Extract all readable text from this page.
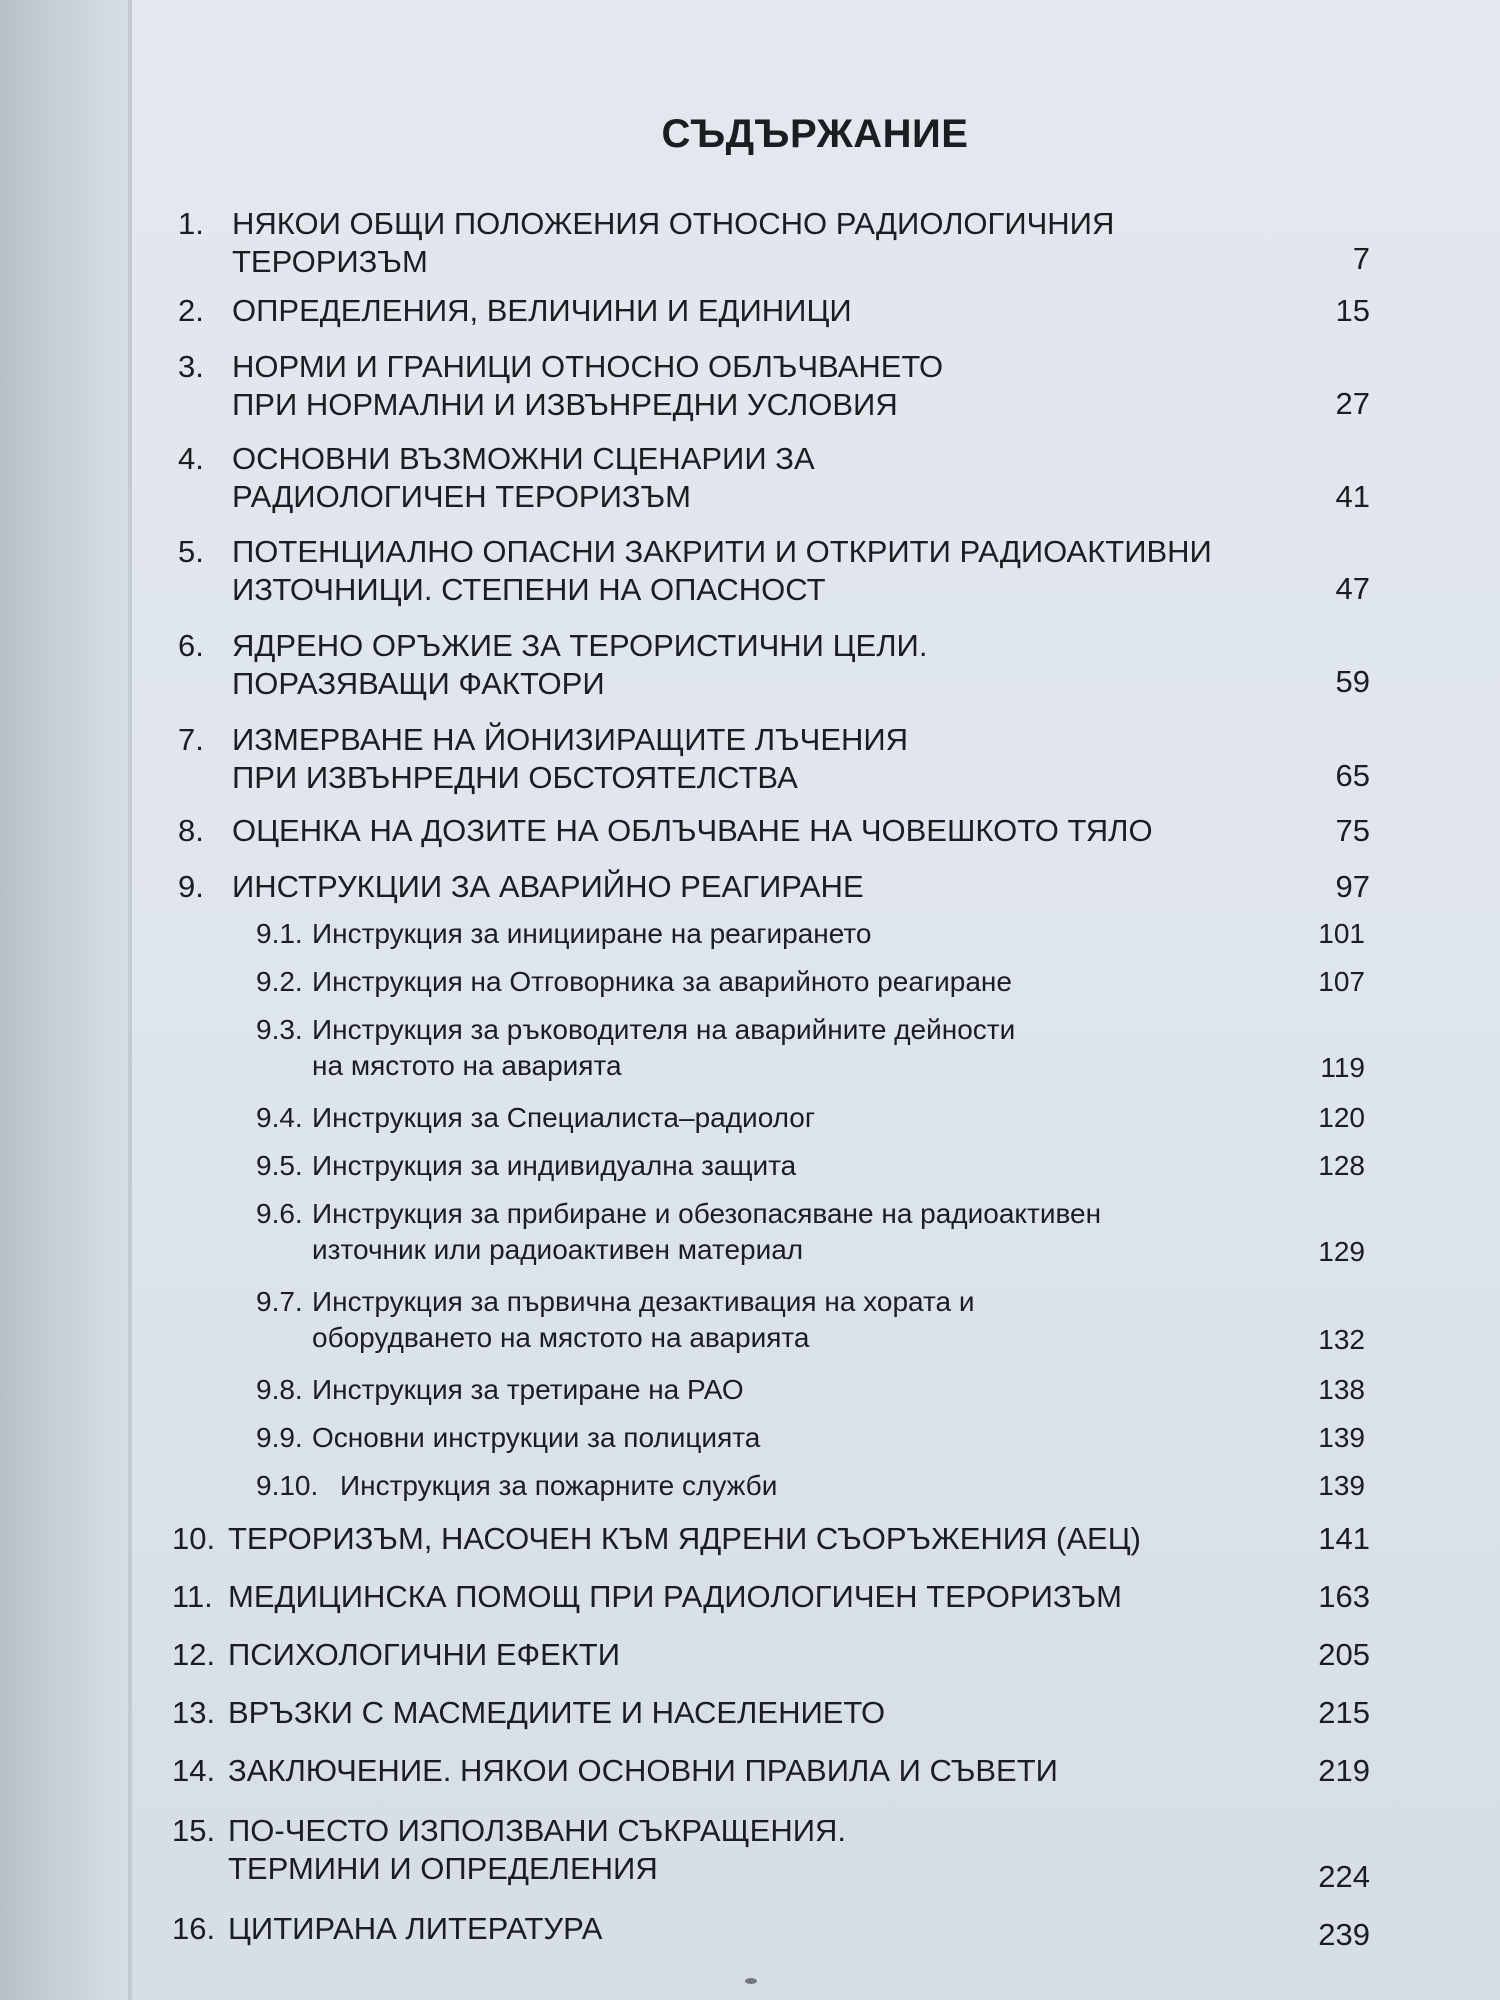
СЪДЪРЖАНИЕ
1. НЯКОИ ОБЩИ ПОЛОЖЕНИЯ ОТНОСНО РАДИОЛОГИЧНИЯ
ТЕРОРИЗЪМ	7
2. ОПРЕДЕЛЕНИЯ, ВЕЛИЧИНИ И ЕДИНИЦИ	15
3. НОРМИ И ГРАНИЦИ ОТНОСНО ОБЛЪЧВАНЕТО
ПРИ НОРМАЛНИ И ИЗВЪНРЕДНИ УСЛОВИЯ	27
4. ОСНОВНИ ВЪЗМОЖНИ СЦЕНАРИИ ЗА
РАДИОЛОГИЧЕН ТЕРОРИЗЪМ	41
5. ПОТЕНЦИАЛНО ОПАСНИ ЗАКРИТИ И ОТКРИТИ РАДИОАКТИВНИ
ИЗТОЧНИЦИ. СТЕПЕНИ НА ОПАСНОСТ	47
6. ЯДРЕНО ОРЪЖИЕ ЗА ТЕРОРИСТИЧНИ ЦЕЛИ.
ПОРАЗЯВАЩИ ФАКТОРИ	59
7. ИЗМЕРВАНЕ НА ЙОНИЗИРАЩИТЕ ЛЪЧЕНИЯ
ПРИ ИЗВЪНРЕДНИ ОБСТОЯТЕЛСТВА	65
8. ОЦЕНКА НА ДОЗИТЕ НА ОБЛЪЧВАНЕ НА ЧОВЕШКОТО ТЯЛО	75
9. ИНСТРУКЦИИ ЗА АВАРИЙНО РЕАГИРАНЕ	97
9.1. Инструкция за иницииране на реагирането	101
9.2. Инструкция на Отговорника за аварийното реагиране	107
9.3. Инструкция за ръководителя на аварийните дейности
на мястото на аварията	119
9.4. Инструкция за Специалиста–радиолог	120
9.5. Инструкция за индивидуална защита	128
9.6. Инструкция за прибиране и обезопасяване на радиоактивен
източник или радиоактивен материал	129
9.7. Инструкция за първична дезактивация на хората и
оборудването на мястото на аварията	132
9.8. Инструкция за третиране на РАО	138
9.9. Основни инструкции за полицията	139
9.10. Инструкция за пожарните служби	139
10. ТЕРОРИЗЪМ, НАСОЧЕН КЪМ ЯДРЕНИ СЪОРЪЖЕНИЯ (АЕЦ)	141
11. МЕДИЦИНСКА ПОМОЩ ПРИ РАДИОЛОГИЧЕН ТЕРОРИЗЪМ	163
12. ПСИХОЛОГИЧНИ ЕФЕКТИ	205
13. ВРЪЗКИ С МАСМЕДИИТЕ И НАСЕЛЕНИЕТО	215
14. ЗАКЛЮЧЕНИЕ. НЯКОИ ОСНОВНИ ПРАВИЛА И СЪВЕТИ	219
15. ПО-ЧЕСТО ИЗПОЛЗВАНИ СЪКРАЩЕНИЯ.
ТЕРМИНИ И ОПРЕДЕЛЕНИЯ	224
16. ЦИТИРАНА ЛИТЕРАТУРА	239
